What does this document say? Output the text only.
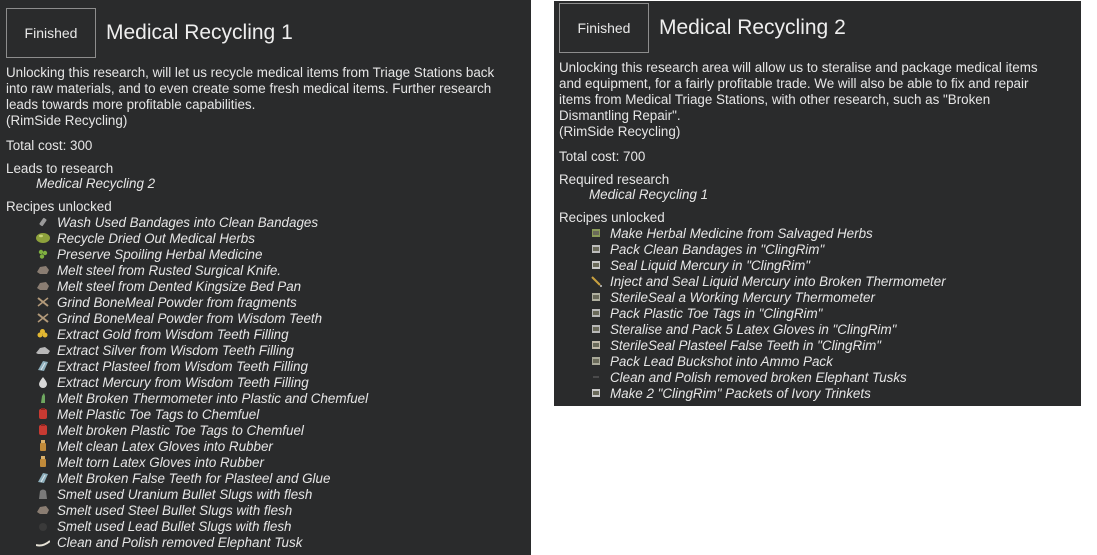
Finished	Medical Recycling 1
Unlocking this research, will let us recycle medical items from Triage Stations back
into raw materials, and to even create some fresh medical items. Further research
leads towards more profitable capabilities.
(RimSide Recycling)
Total cost: 300
Leads to research
Medical Recycling 2
Recipes unlocked
Wash Used Bandages into Clean Bandages
Recycle Dried Out Medical Herbs
Preserve Spoiling Herbal Medicine
Melt steel from Rusted Surgical Knife.
Melt steel from Dented Kingsize Bed Pan
Grind BoneMeal Powder from fragments
Grind BoneMeal Powder from Wisdom Teeth
Extract Gold from Wisdom Teeth Filling
Extract Silver from Wisdom Teeth Filling
Extract Plasteel from Wisdom Teeth Filling
Extract Mercury from Wisdom Teeth Filling
Melt Broken Thermometer into Plastic and Chemfuel
Melt Plastic Toe Tags to Chemfuel
Melt broken Plastic Toe Tags to Chemfuel
Melt clean Latex Gloves into Rubber
Melt torn Latex Gloves into Rubber
Melt Broken False Teeth for Plasteel and Glue
Smelt used Uranium Bullet Slugs with flesh
Smelt used Steel Bullet Slugs with flesh
Smelt used Lead Bullet Slugs with flesh
Clean and Polish removed Elephant Tusk
Finished	Medical Recycling 2
Unlocking this research area will allow us to steralise and package medical items
and equipment, for a fairly profitable trade. We will also be able to fix and repair
items from Medical Triage Stations, with other research, such as "Broken
Dismantling Repair".
(RimSide Recycling)
Total cost: 700
Required research
Medical Recycling 1
Recipes unlocked
Make Herbal Medicine from Salvaged Herbs
Pack Clean Bandages in "ClingRim"
Seal Liquid Mercury in "ClingRim"
Inject and Seal Liquid Mercury into Broken Thermometer
SterileSeal a Working Mercury Thermometer
Pack Plastic Toe Tags in "ClingRim"
Steralise and Pack 5 Latex Gloves in "ClingRim"
SterileSeal Plasteel False Teeth in "ClingRim"
Pack Lead Buckshot into Ammo Pack
Clean and Polish removed broken Elephant Tusks
Make 2 "ClingRim" Packets of Ivory Trinkets
